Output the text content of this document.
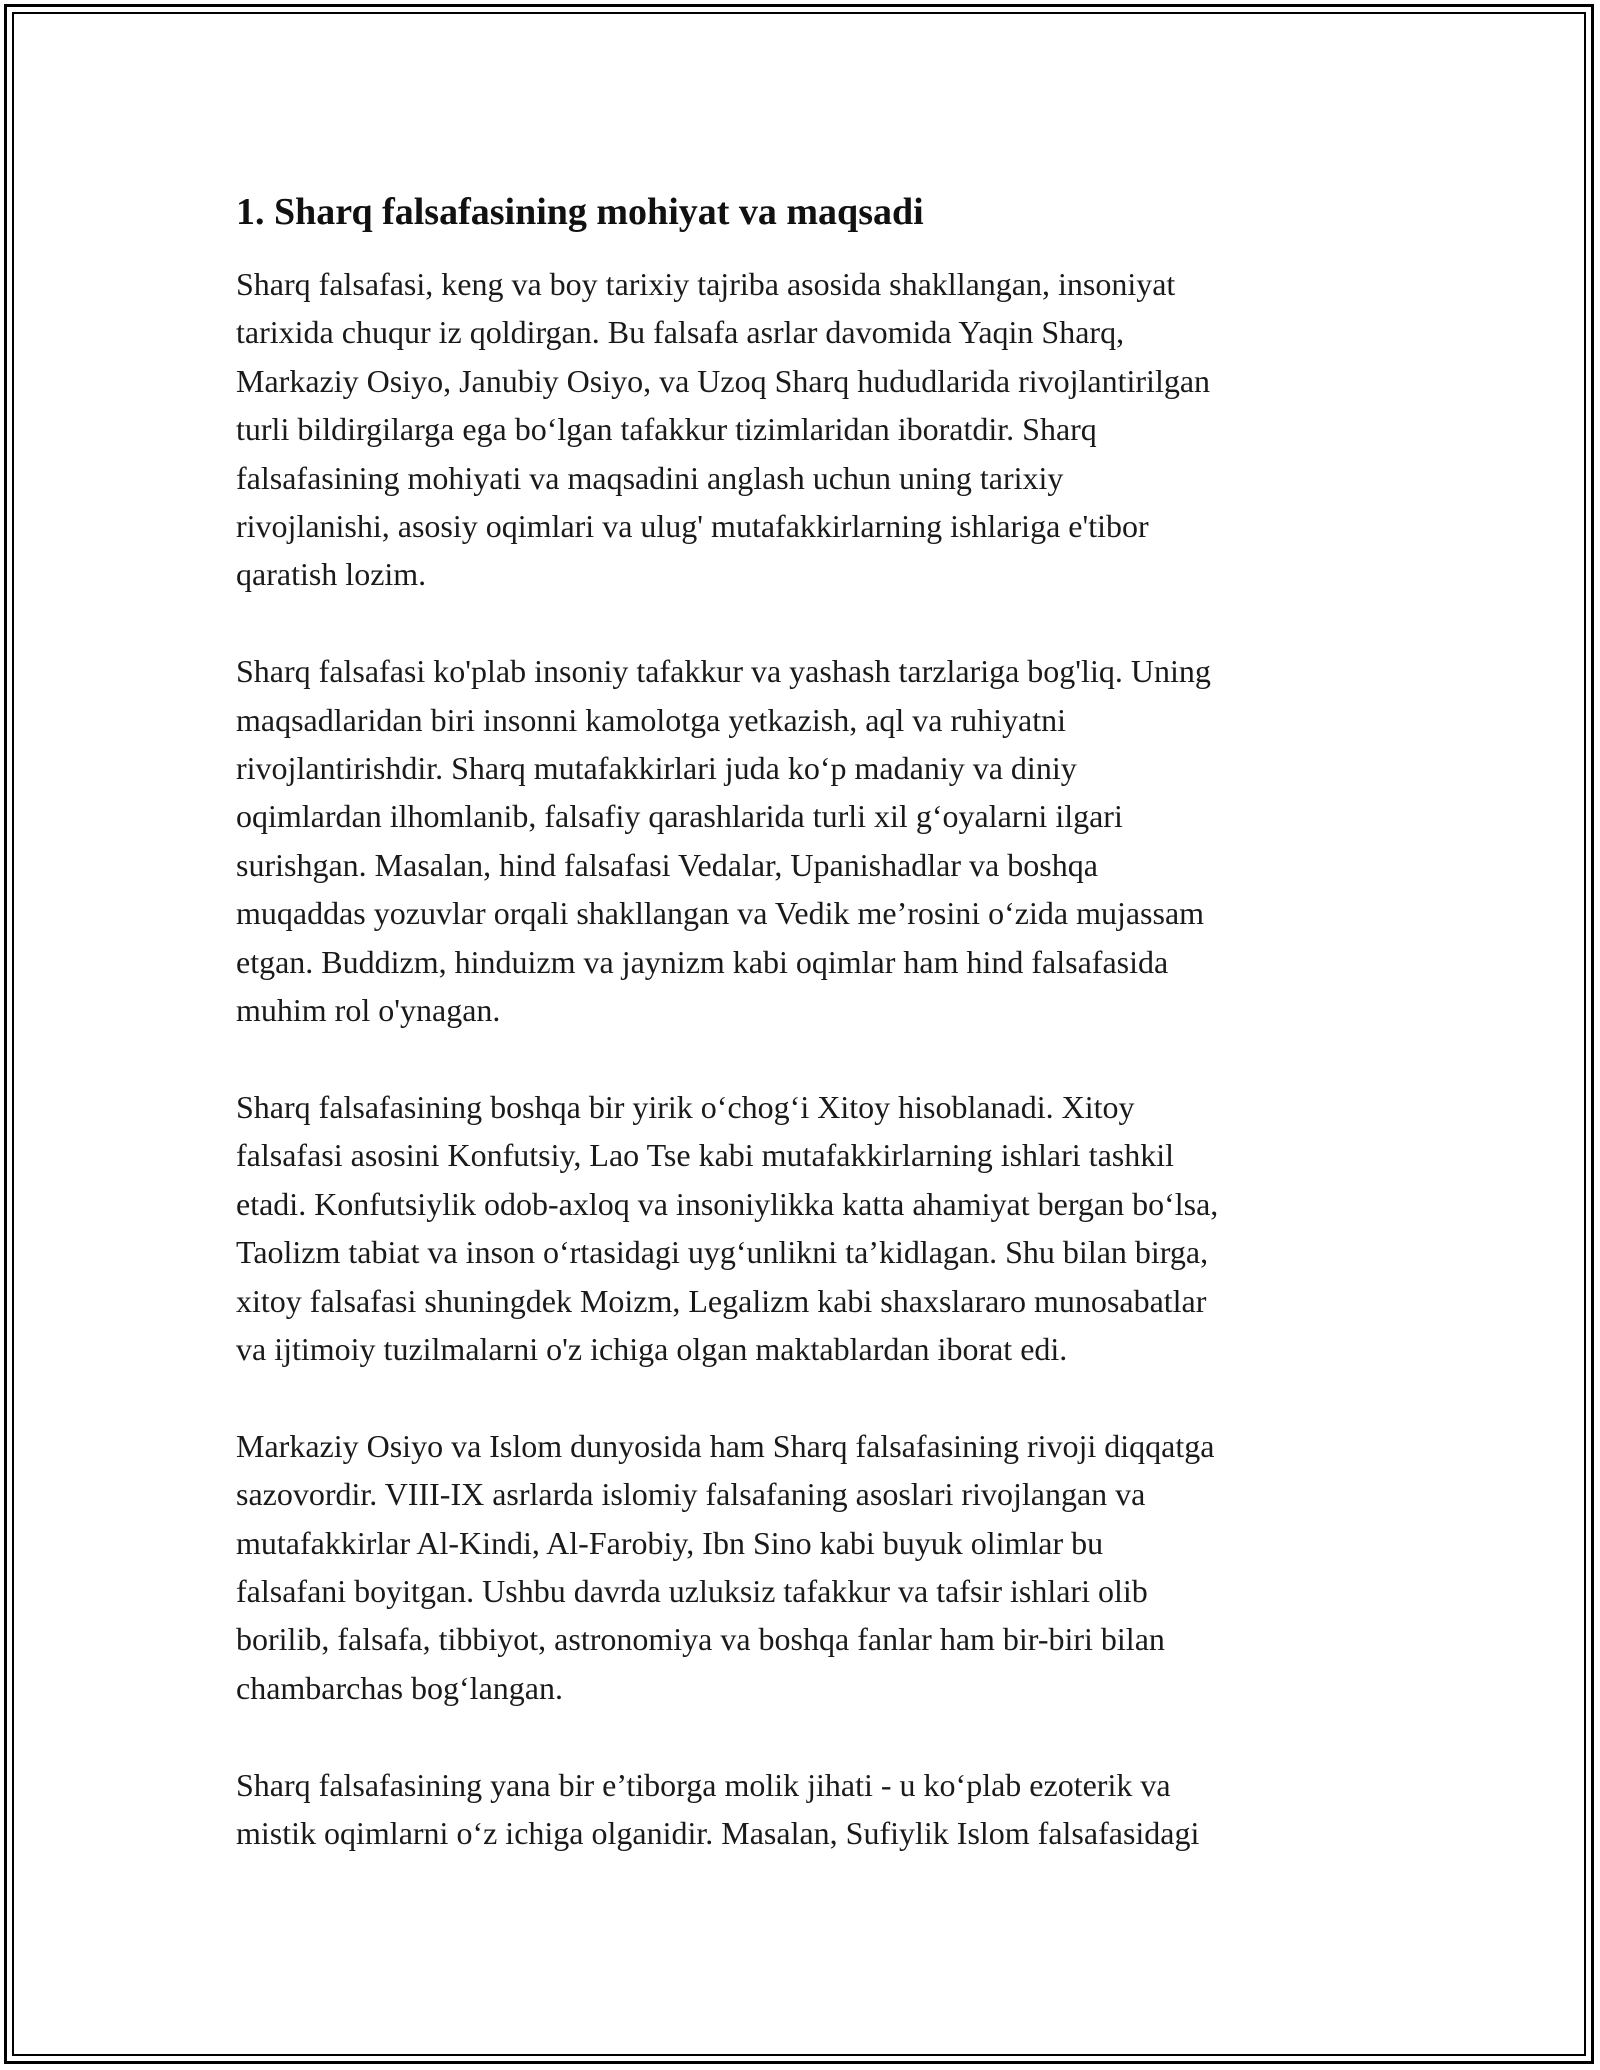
1. Sharq falsafasining mohiyat va maqsadi

Sharq falsafasi, keng va boy tarixiy tajriba asosida shakllangan, insoniyat
tarixida chuqur iz qoldirgan. Bu falsafa asrlar davomida Yaqin Sharq,
Markaziy Osiyo, Janubiy Osiyo, va Uzoq Sharq hududlarida rivojlantirilgan
turli bildirgilarga ega bo‘lgan tafakkur tizimlaridan iboratdir. Sharq
falsafasining mohiyati va maqsadini anglash uchun uning tarixiy
rivojlanishi, asosiy oqimlari va ulug' mutafakkirlarning ishlariga e'tibor
qaratish lozim.

Sharq falsafasi ko'plab insoniy tafakkur va yashash tarzlariga bog'liq. Uning
maqsadlaridan biri insonni kamolotga yetkazish, aql va ruhiyatni
rivojlantirishdir. Sharq mutafakkirlari juda ko‘p madaniy va diniy
oqimlardan ilhomlanib, falsafiy qarashlarida turli xil g‘oyalarni ilgari
surishgan. Masalan, hind falsafasi Vedalar, Upanishadlar va boshqa
muqaddas yozuvlar orqali shakllangan va Vedik me’rosini o‘zida mujassam
etgan. Buddizm, hinduizm va jaynizm kabi oqimlar ham hind falsafasida
muhim rol o'ynagan.

Sharq falsafasining boshqa bir yirik o‘chog‘i Xitoy hisoblanadi. Xitoy
falsafasi asosini Konfutsiy, Lao Tse kabi mutafakkirlarning ishlari tashkil
etadi. Konfutsiylik odob-axloq va insoniylikka katta ahamiyat bergan bo‘lsa,
Taolizm tabiat va inson o‘rtasidagi uyg‘unlikni ta’kidlagan. Shu bilan birga,
xitoy falsafasi shuningdek Moizm, Legalizm kabi shaxslararo munosabatlar
va ijtimoiy tuzilmalarni o'z ichiga olgan maktablardan iborat edi.

Markaziy Osiyo va Islom dunyosida ham Sharq falsafasining rivoji diqqatga
sazovordir. VIII-IX asrlarda islomiy falsafaning asoslari rivojlangan va
mutafakkirlar Al-Kindi, Al-Farobiy, Ibn Sino kabi buyuk olimlar bu
falsafani boyitgan. Ushbu davrda uzluksiz tafakkur va tafsir ishlari olib
borilib, falsafa, tibbiyot, astronomiya va boshqa fanlar ham bir-biri bilan
chambarchas bog‘langan.

Sharq falsafasining yana bir e’tiborga molik jihati - u ko‘plab ezoterik va
mistik oqimlarni o‘z ichiga olganidir. Masalan, Sufiylik Islom falsafasidagi
